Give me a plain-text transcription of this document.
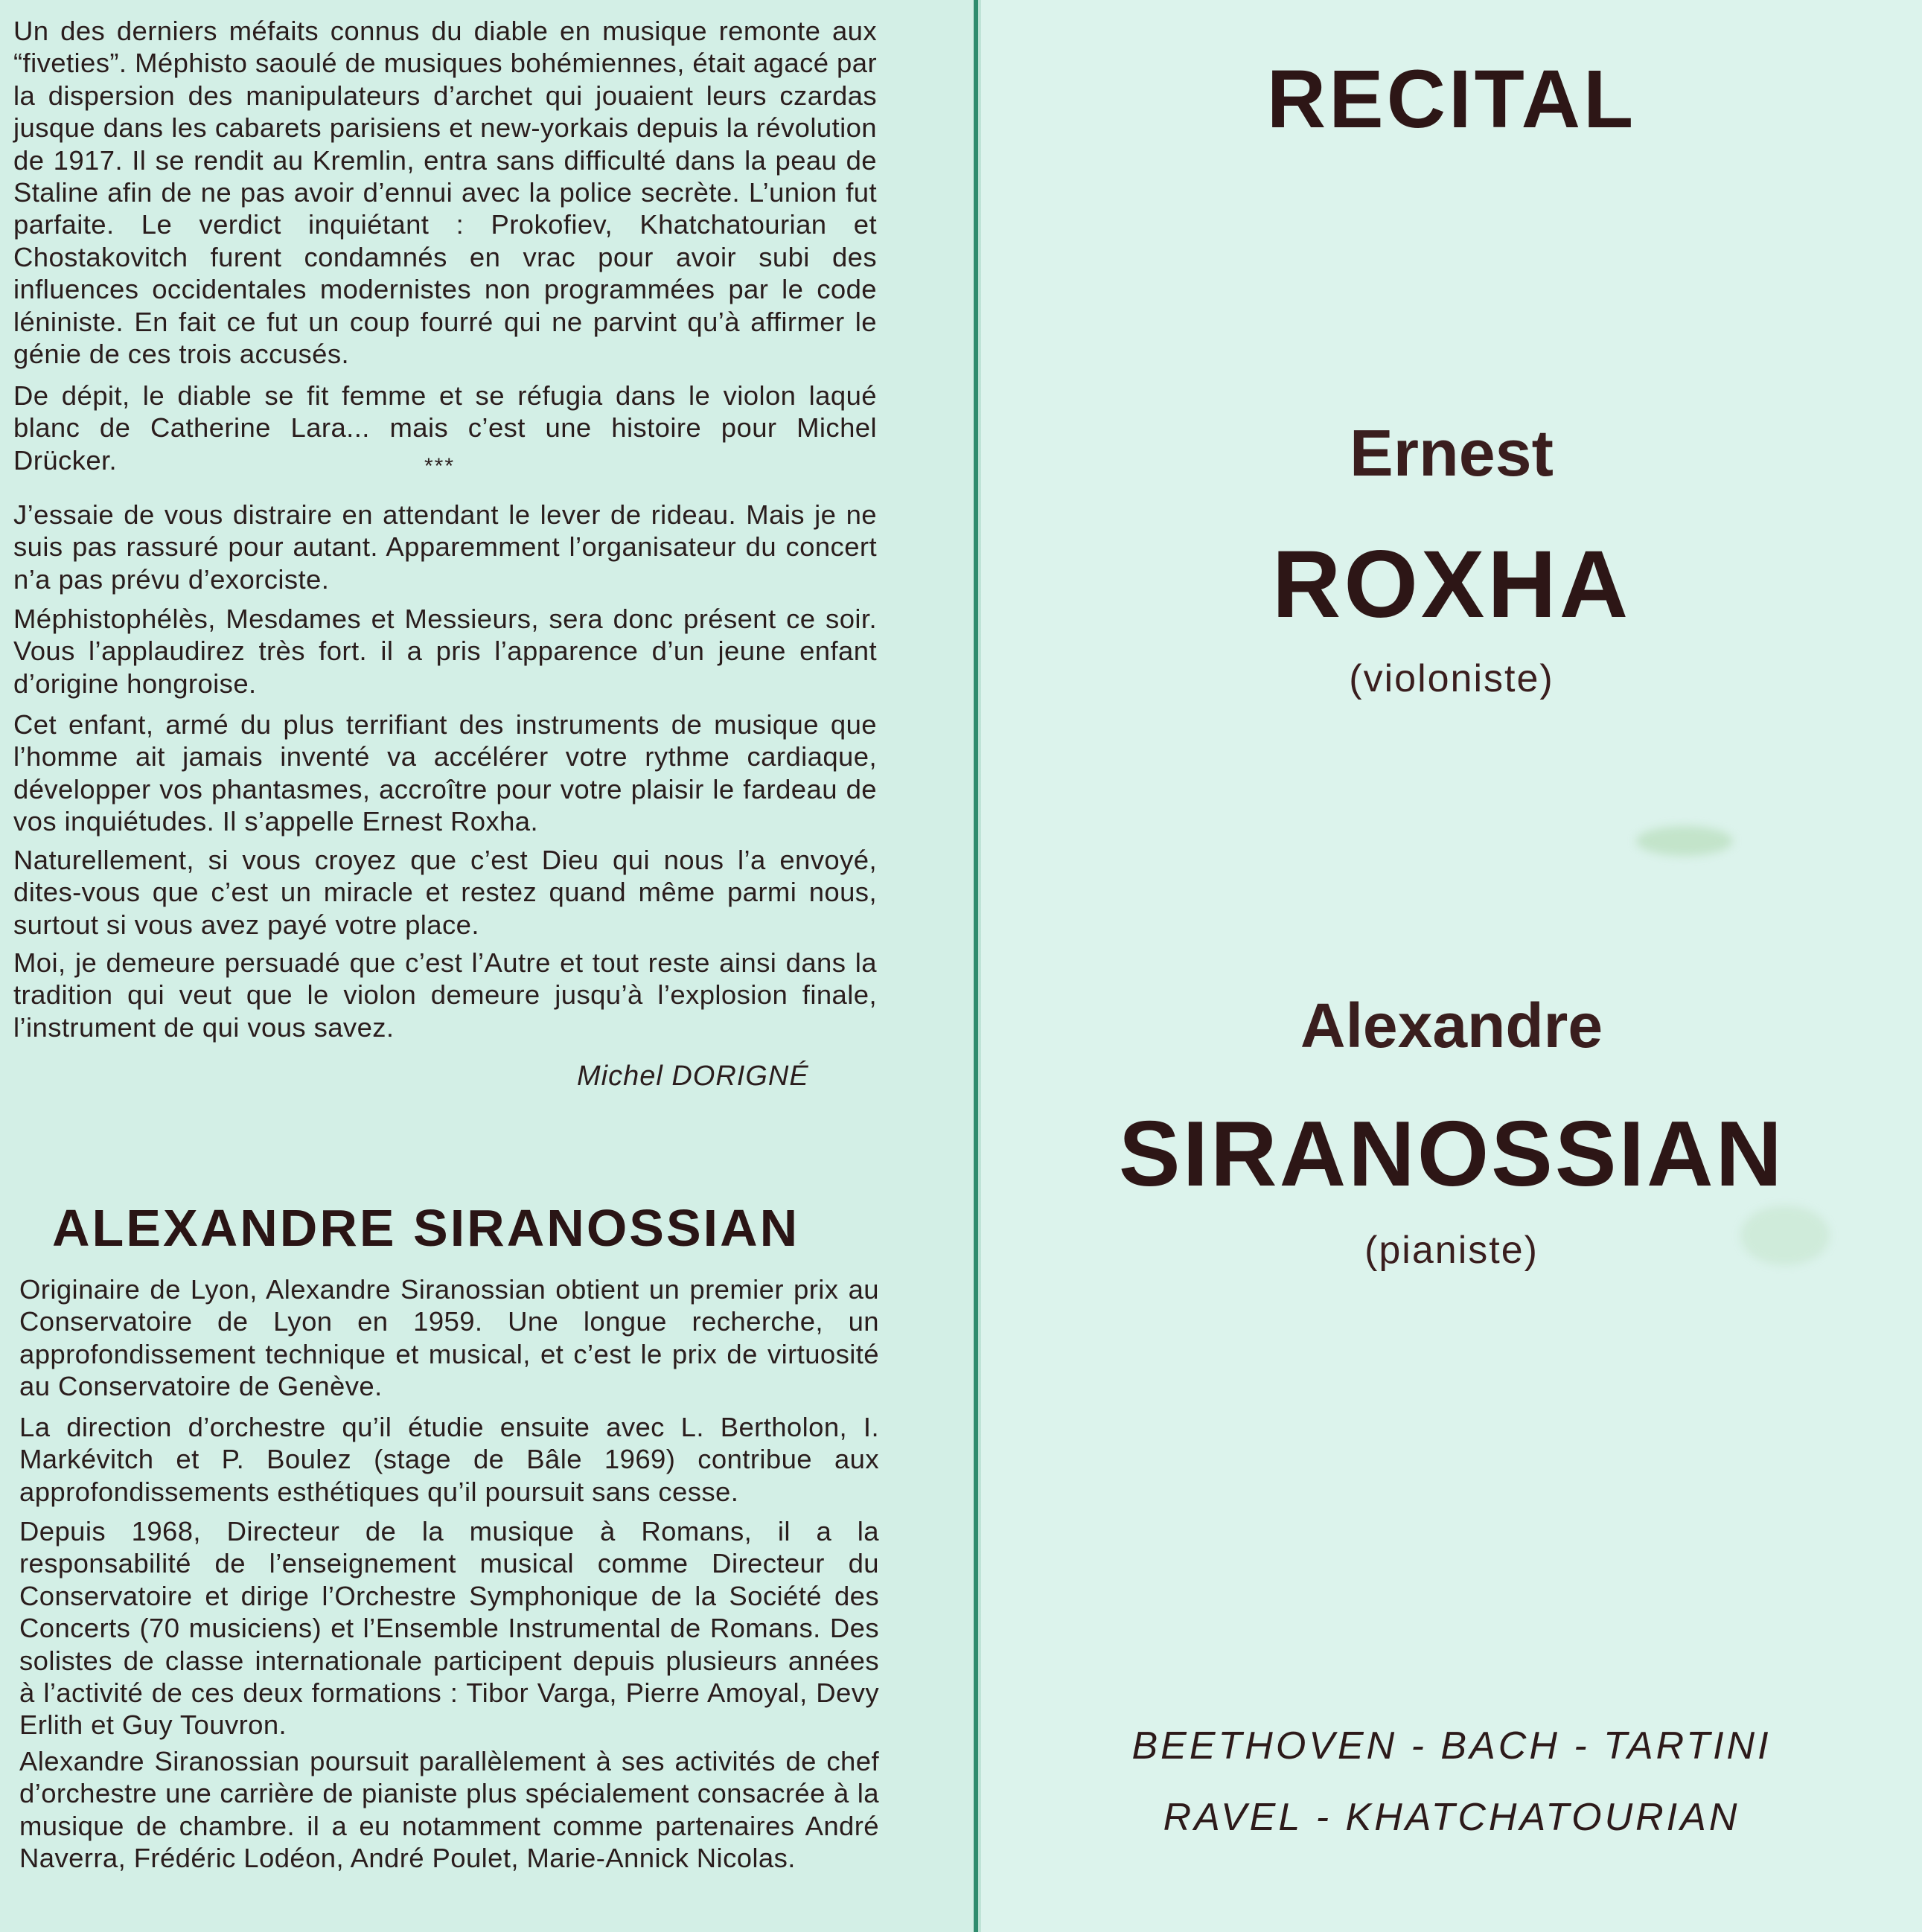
Un des derniers méfaits connus du diable en musique remonte aux “fiveties”. Méphisto saoulé de musiques bohémiennes, était agacé par la dispersion des manipulateurs d’archet qui jouaient leurs czardas jusque dans les cabarets parisiens et new-yorkais depuis la révolution de 1917. Il se rendit au Kremlin, entra sans difficulté dans la peau de Staline afin de ne pas avoir d’ennui avec la police secrète. L’union fut parfaite. Le verdict inquiétant : Prokofiev, Khatchatourian et Chostakovitch furent condamnés en vrac pour avoir subi des influences occidentales modernistes non programmées par le code léniniste. En fait ce fut un coup fourré qui ne parvint qu’à affirmer le génie de ces trois accusés.

De dépit, le diable se fit femme et se réfugia dans le violon laqué blanc de Catherine Lara... mais c’est une histoire pour Michel Drücker.	***

J’essaie de vous distraire en attendant le lever de rideau. Mais je ne suis pas rassuré pour autant. Apparemment l’organisateur du concert n’a pas prévu d’exorciste.

Méphistophélès, Mesdames et Messieurs, sera donc présent ce soir. Vous l’applaudirez très fort. il a pris l’apparence d’un jeune enfant d’origine hongroise.

Cet enfant, armé du plus terrifiant des instruments de musique que l’homme ait jamais inventé va accélérer votre rythme cardiaque, développer vos phantasmes, accroître pour votre plaisir le fardeau de vos inquiétudes. Il s’appelle Ernest Roxha.

Naturellement, si vous croyez que c’est Dieu qui nous l’a envoyé, dites-vous que c’est un miracle et restez quand même parmi nous, surtout si vous avez payé votre place.

Moi, je demeure persuadé que c’est l’Autre et tout reste ainsi dans la tradition qui veut que le violon demeure jusqu’à l’explosion finale, l’instrument de qui vous savez.

Michel DORIGNÉ
ALEXANDRE SIRANOSSIAN

Originaire de Lyon, Alexandre Siranossian obtient un premier prix au Conservatoire de Lyon en 1959. Une longue recherche, un approfondissement technique et musical, et c’est le prix de virtuosité au Conservatoire de Genève.

La direction d’orchestre qu’il étudie ensuite avec L. Bertholon, I. Markévitch et P. Boulez (stage de Bâle 1969) contribue aux approfondissements esthétiques qu’il poursuit sans cesse.

Depuis 1968, Directeur de la musique à Romans, il a la responsabilité de l’enseignement musical comme Directeur du Conservatoire et dirige l’Orchestre Symphonique de la Société des Concerts (70 musiciens) et l’Ensemble Instrumental de Romans. Des solistes de classe internationale participent depuis plusieurs années à l’activité de ces deux formations : Tibor Varga, Pierre Amoyal, Devy Erlith et Guy Touvron.

Alexandre Siranossian poursuit parallèlement à ses activités de chef d’orchestre une carrière de pianiste plus spécialement consacrée à la musique de chambre. il a eu notamment comme partenaires André Naverra, Frédéric Lodéon, André Poulet, Marie-Annick Nicolas.

RECITAL
Ernest
ROXHA
(violoniste)
Alexandre
SIRANOSSIAN
(pianiste)
BEETHOVEN - BACH - TARTINI
RAVEL - KHATCHATOURIAN
